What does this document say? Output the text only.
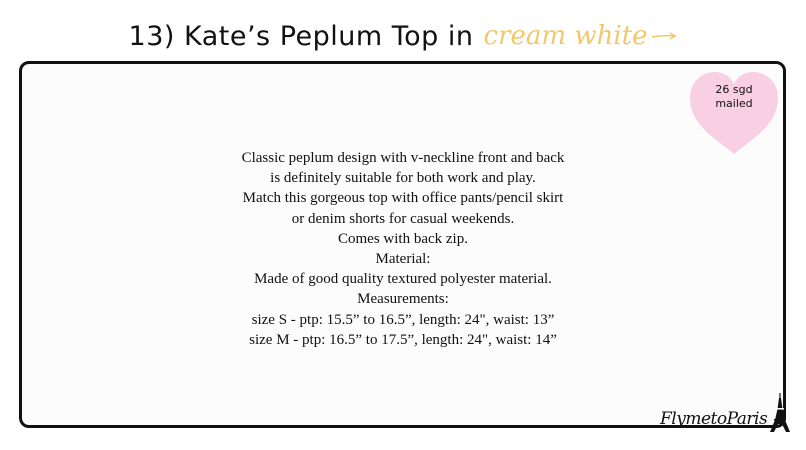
13) Kate’s Peplum Top in cream white
26 sgd
mailed
Classic peplum design with v-neckline front and back
is definitely suitable for both work and play.
Match this gorgeous top with office pants/pencil skirt
or denim shorts for casual weekends.
Comes with back zip.
Material:
Made of good quality textured polyester material.
Measurements:
size S - ptp: 15.5” to 16.5”, length: 24", waist: 13”
size M - ptp: 16.5” to 17.5”, length: 24", waist: 14”
FlymetoParis
